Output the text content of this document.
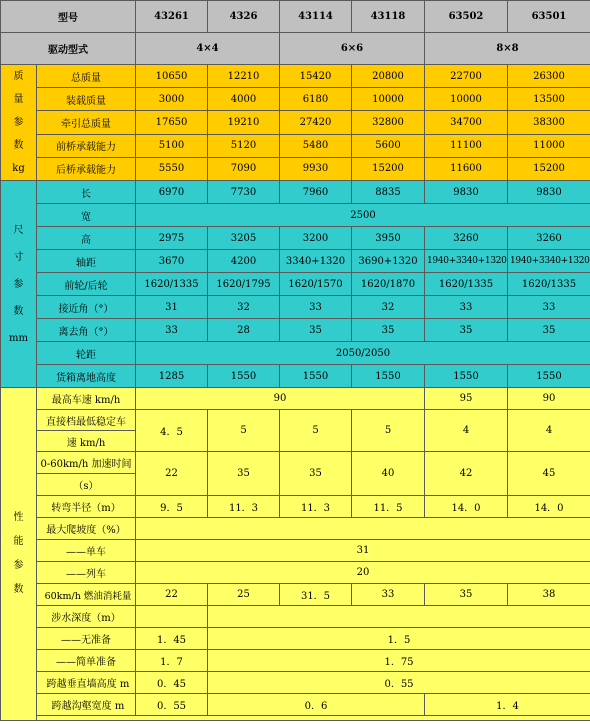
型号		43261	4326	43114	43118	63502	63501
驱动型式		4×4		6×6		8×8	

质
量
参
数
kg	总质量	10650	12210	15420	20800	22700	26300
	装载质量	3000	4000	6180	10000	10000	13500
	牵引总质量	17650	19210	27420	32800	34700	38300
	前桥承载能力	5100	5120	5480	5600	11100	11000
	后桥承载能力	5550	7090	9930	15200	11600	15200

尺
寸
参
数
mm	长	6970	7730	7960	8835	9830	9830
	宽	2500					
	高	2975	3205	3200	3950	3260	3260
	轴距	3670	4200	3340+1320	3690+1320	1940+3340+1320	1940+3340+1320
	前轮/后轮	1620/1335	1620/1795	1620/1570	1620/1870	1620/1335	1620/1335
	接近角（°）	31	32	33	32	33	33
	离去角（°）	33	28	35	35	35	35
	轮距	2050/2050					
	货箱离地高度	1285	1550	1550	1550	1550	1550

性
能
参
数	最高车速 km/h	90				95	90
	直接档最低稳定车	4．5	5	5	5	4	4
	速 km/h						
	0-60km/h 加速时间	22	35	35	40	42	45
	（s）						
	转弯半径（m）	9．5	11．3	11．3	11．5	14．0	14．0
	最大爬坡度（%）						
	——单车	31					
	——列车	20					
	60km/h 燃油消耗量	22	25	31．5	33	35	38
	涉水深度（m）						
	——无准备	1．45	1．5				
	——简单准备	1．7	1．75				
	跨越垂直墙高度 m	0．45	0．55				
	跨越沟壑宽度 m	0．55	0．6			1．4	
